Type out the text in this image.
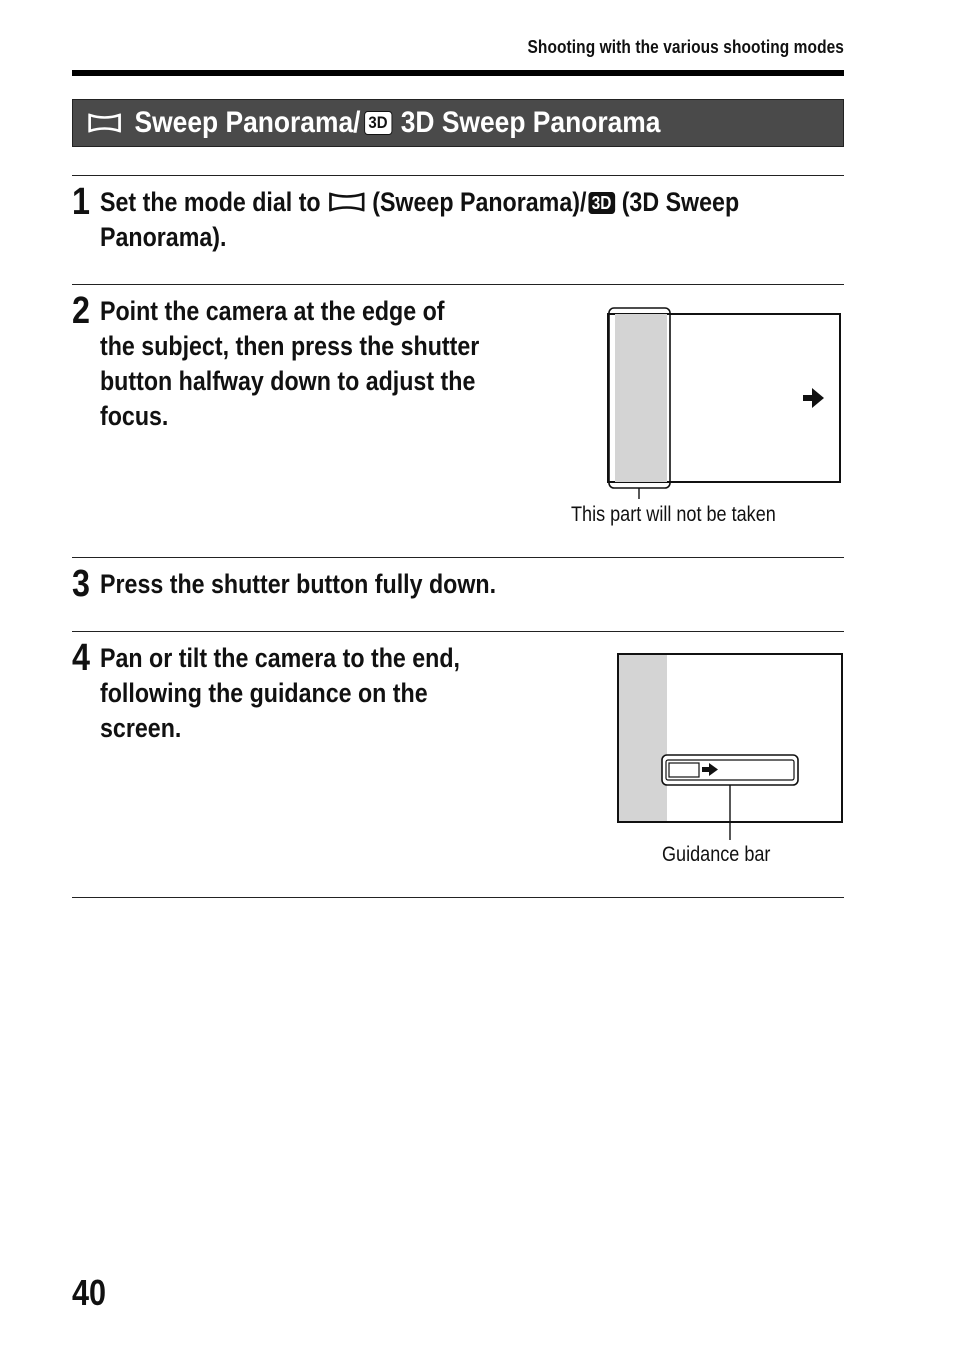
Shooting with the various shooting modes
Sweep Panorama/ 3D 3D Sweep Panorama
1 Set the mode dial to (Sweep Panorama)/ 3D (3D Sweep
Panorama).
2 Point the camera at the edge of
the subject, then press the shutter
button halfway down to adjust the
focus.
This part will not be taken
3 Press the shutter button fully down.
4 Pan or tilt the camera to the end,
following the guidance on the
screen.
Guidance bar
40
